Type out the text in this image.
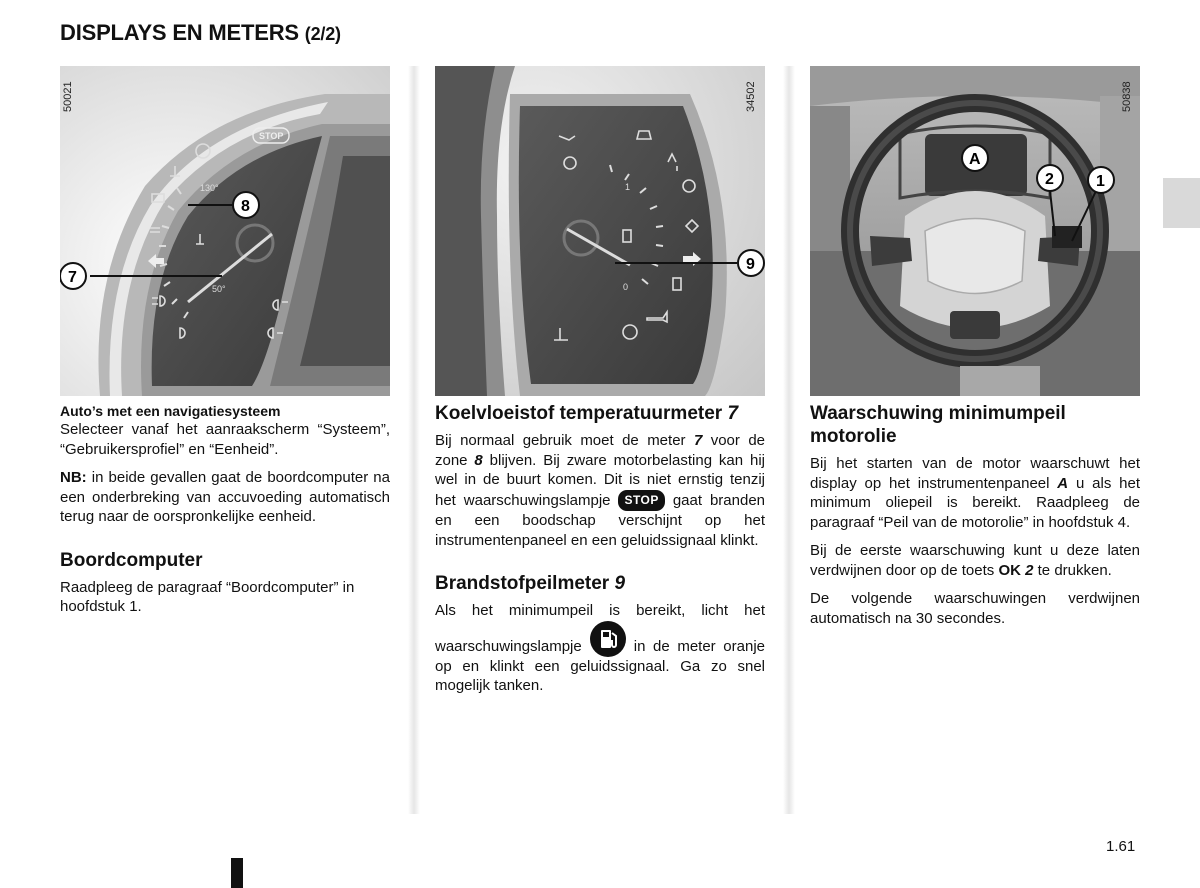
DISPLAYS EN METERS (2/2)
130°
50°
STOP
7
8
50021
1
0
9
34502
A
2	1
50838
Auto’s met een navigatiesysteem

Selecteer vanaf het aanraakscherm “Systeem”, “Gebruikersprofiel” en “Eenheid”.

NB: in beide gevallen gaat de boordcomputer na een onderbreking van accuvoeding automatisch terug naar de oorspronkelijke eenheid.

Boordcomputer

Raadpleeg de paragraaf “Boordcomputer” in hoofdstuk 1.

Koelvloeistof temperatuurmeter 7

Bij normaal gebruik moet de meter 7 voor de zone 8 blijven. Bij zware motorbelasting kan hij wel in de buurt komen. Dit is niet ernstig tenzij het waarschuwingslampje STOP gaat branden en een boodschap verschijnt op het instrumentenpaneel en een geluidssignaal klinkt.

Brandstofpeilmeter 9

Als het minimumpeil is bereikt, licht het waarschuwingslampje	in de meter oranje op en klinkt een geluidssignaal. Ga zo snel mogelijk tanken.

Waarschuwing minimumpeil motorolie

Bij het starten van de motor waarschuwt het display op het instrumentenpaneel A u als het minimum oliepeil is bereikt. Raadpleeg de paragraaf “Peil van de motorolie” in hoofdstuk 4.

Bij de eerste waarschuwing kunt u deze laten verdwijnen door op de toets OK 2 te drukken.

De volgende waarschuwingen verdwijnen automatisch na 30 secondes.

1.61
